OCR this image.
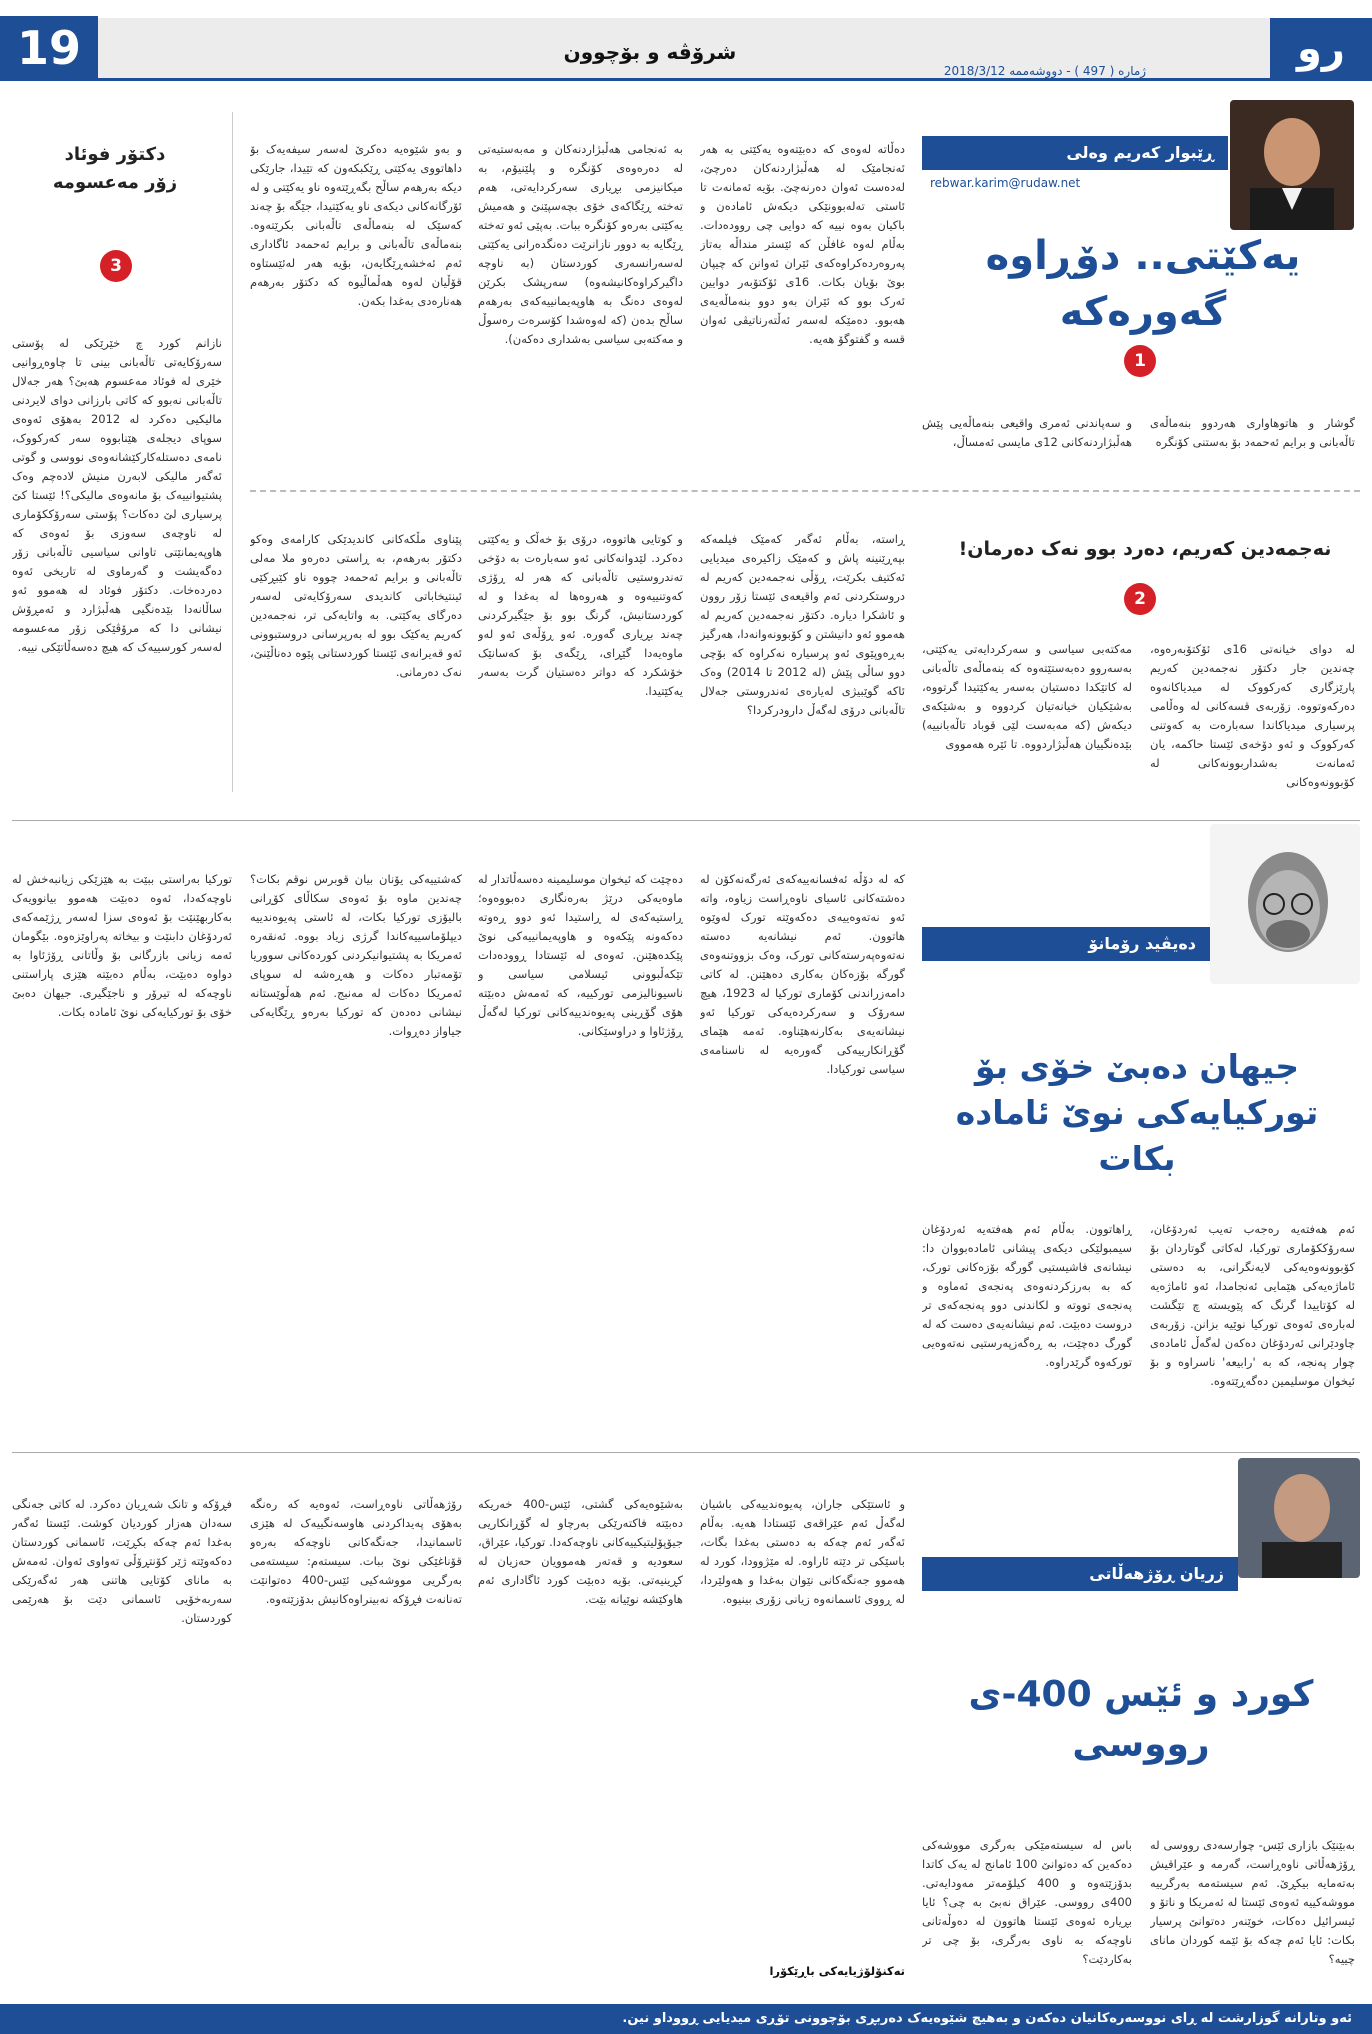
19	شرۆڤە و بۆچوون
ژمارە ( 497 ) - دووشەممە 2018/3/12	رو
ڕێبوار کەریم وەلی
rebwar.karim@rudaw.net
یەکێتی.. دۆڕاوە گەورەکە
1
دەڵاتە لەوەی کە دەبێتەوە یەکێتی بە هەر ئەنجامێک لە هەڵبژاردنەکان دەرچێ، لەدەست ئەوان دەرنەچێ. بۆیە ئەمانەت تا ئاستی تەلەبوونێکی دیکەش ئامادەن و باکیان بەوە نییە کە دوایی چی روودەدات. بەڵام لەوە غافڵن کە ئێستر منداڵە بەتاز پەروەردەکراوەکەی ئێران ئەوانن کە چیپان بوێ بۆیان بکات. 16ی ئۆکتۆبەر دوایین ئەرک بوو کە ئێران بەو دوو بنەماڵەیەی هەبوو. دەمێکە لەسەر ئەڵتەرناتیڤی ئەوان قسە و گفتوگۆ هەیە.
بە ئەنجامی هەڵبژاردنەکان و مەبەستیەتی لە دەرەوەی کۆنگرە و پلێنیۆم، بە میکانیزمی بڕیاری سەرکردایەتی، هەم تەختە ڕێگاکەی خۆی بچەسپێنێ و هەمیش یەکێتی بەرەو کۆنگرە ببات. بەپێی ئەو تەختە ڕێگایە بە دوور نازانرێت دەنگدەرانی یەکێتی لەسەرانسەری کوردستان (بە ناوچە داگیرکراوەکانیشەوە) سەرپشک بکرێن لەوەی دەنگ بە هاوپەیمانییەکەی بەرهەم ساڵح بدەن (کە لەوەشدا کۆسرەت رەسوڵ و مەکتەبی سیاسی بەشداری دەکەن).
و بەو شێوەیە دەکرێ لەسەر سیفەیەک بۆ داهاتووی یەکێتی ڕێکبکەون کە تێیدا، جارێکی دیکە بەرهەم ساڵح بگەڕێتەوە ناو یەکێتی و لە ئۆرگانەکانی دیکەی ناو یەکێتیدا، جێگە بۆ چەند کەسێک لە بنەماڵەی تاڵەبانی بکرێتەوە. بنەماڵەی تاڵەبانی و برایم ئەحمەد ئاگاداری ئەم ئەخشەڕێگایەن، بۆیە هەر لەئێستاوە قۆڵیان لەوە هەڵماڵیوە کە دکتۆر بەرهەم هەنارەدی بەغدا بکەن.
گوشار و هاتوهاواری هەردوو بنەماڵەی تاڵەبانی و برایم ئەحمەد بۆ بەستنی کۆنگرە
و سەپاندنی ئەمری واقیعی بنەماڵەیی پێش هەڵبژاردنەکانی 12ی مایسی ئەمساڵ،
دکتۆر فوئاد
زۆر مەعسومە
3
نازانم کورد چ خێرێکی لە پۆستی سەرۆکایەتی تاڵەبانی بینی تا چاوەڕوانیی خێری لە فوئاد مەعسوم هەبێ؟ هەر جەلال تاڵەبانی نەبوو کە کاتی بارزانی دوای لایردنی مالیکیی دەکرد لە 2012 بەهۆی ئەوەی سوپای دیجلەی هێنابووە سەر کەرکووک، نامەی دەستلەکارکێشانەوەی نووسی و گوتی ئەگەر مالیکی لابەرن منیش لادەچم وەک پشتیوانییەک بۆ مانەوەی مالیکی؟! ئێستا کێ پرسیاری لێ دەکات؟ پۆستی سەرۆککۆماری لە ناوچەی سەوزی بۆ ئەوەی کە هاوپەیمانێتی تاوانی سیاسیی تاڵەبانی زۆر دەگەیشت و گەرماوی لە تاریخی ئەوە دەردەخات. دکتۆر فوئاد لە هەموو ئەو ساڵانەدا بێدەنگیی هەڵبژارد و ئەمڕۆش نیشانی دا کە مرۆڤێکی زۆر مەعسومە لەسەر کورسییەک کە هیچ دەسەڵاتێکی نییە.
نەجمەدین کەریم، دەرد بوو نەک دەرمان!
2
لە دوای خیانەتی 16ی ئۆکتۆبەرەوە، چەندین جار دکتۆر نەجمەدین کەریم پارێزگاری کەرکووک لە میدیاکانەوە دەرکەوتووە. زۆربەی قسەکانی لە وەڵامی پرسیاری میدیاکاندا سەبارەت بە کەوتنی کەرکووک و ئەو دۆخەی ئێستا حاکمە، یان ئەمانەت بەشداربوونەکانی لە کۆبوونەوەکانی
مەکتەبی سیاسی و سەرکردایەتی یەکێتی، بەسەروو دەبەستێتەوە کە بنەماڵەی تاڵەبانی لە کاتێکدا دەستیان بەسەر یەکێتیدا گرتووە، بەشێکیان خیانەتیان کردووە و بەشێکەی دیکەش (کە مەبەست لێی قوباد تاڵەبانییە) بێدەنگییان هەڵبژاردووە. تا ئێرە هەمووی
ڕاستە، بەڵام ئەگەر کەمێک فیلمەکە بپەڕێنینە پاش و کەمێک زاکیرەی میدیایی ئەکتیف بکرێت، ڕۆڵی نەجمەدین کەریم لە دروستکردنی ئەم واقیعەی ئێستا زۆر روون و ئاشکرا دیارە. دکتۆر نەجمەدین کەریم لە هەموو ئەو دانیشتن و کۆبوونەوانەدا، هەرگیز بەڕەوپێوی ئەو پرسیارە نەکراوە کە بۆچی دوو ساڵی پێش (لە 2012 تا 2014) وەک ئاکە گوێبیژی لەیارەی ئەندروستی جەلال تاڵەبانی درۆی لەگەڵ دارودرکردا؟
و کوتایی هاتووە، درۆی بۆ خەڵک و یەکێتی دەکرد. لێدوانەکانی ئەو سەبارەت بە دۆخی تەندروستیی تاڵەبانی کە هەر لە ڕۆژی کەوتنییەوە و هەروەها لە بەغدا و لە کوردستانیش، گرنگ بوو بۆ جێگیرکردنی چەند بڕیاری گەورە. ئەو ڕۆڵەی ئەو لەو ماوەیەدا گێڕای، ڕێگەی بۆ کەسانێک خۆشکرد کە دواتر دەستیان گرت بەسەر یەکێتیدا.
پێناوی مڵکەکانی کاندیدێکی کارامەی وەکو دکتۆر بەرهەم، بە ڕاستی دەرەو ملا مەلی تاڵەبانی و برایم ئەحمەد چووە ناو کێبڕکێی ئینتیخاباتی کاندیدی سەرۆکایەتی لەسەر دەرگای یەکێتی. بە واتایەکی تر، نەجمەدین کەریم یەکێک بوو لە بەرپرسانی دروستبوونی ئەو قەیرانەی ئێستا کوردستانی پێوە دەناڵێنێ، نەک دەرمانی.
دەیڤید رۆمانۆ
جیهان دەبێ خۆی بۆ تورکیایەکی نوێ ئامادە بکات
ئەم هەفتەیە رەجەب تەیب ئەردۆغان، سەرۆککۆماری تورکیا، لەکاتی گوتاردان بۆ کۆبوونەوەیەکی لایەنگرانی، بە دەستی ئاماژەیەکی هێمایی ئەنجامدا، ئەو ئاماژەیە لە کۆتاییدا گرنگ کە پێویستە چ تێگشت لەبارەی ئەوەی تورکیا نوێیە بزانن. زۆربەی چاودێرانی ئەردۆغان دەکەن لەگەڵ ئامادەی چوار پەنجە، کە بە 'رابیعە' ناسراوە و بۆ ئیخوان موسلیمین دەگەڕێتەوە.
ڕاهاتوون. بەڵام ئەم هەفتەیە ئەردۆغان سیمبولێکی دیکەی پیشانی ئامادەبووان دا: نیشانەی فاشیستیی گورگە بۆزەکانی تورک، کە بە بەرزکردنەوەی پەنجەی ئەماوە و پەنجەی تووتە و لکاندنی دوو پەنجەکەی تر دروست دەبێت. ئەم نیشانەیەی دەست کە لە گورگ دەچێت، بە ڕەگەزپەرستیی نەتەوەیی تورکەوە گرێدراوە.
کە لە دۆڵە ئەفسانەییەکەی ئەرگەنەکۆن لە دەشتەکانی ئاسیای ناوەڕاست زیاوە، واتە ئەو نەتەوەییەی دەکەوێتە تورک لەوێوە هاتوون. ئەم نیشانەیە دەستە نەتەوەپەرستەکانی تورک، وەک بزووتنەوەی گورگە بۆزەکان بەکاری دەهێنن. لە کاتی دامەزراندنی کۆماری تورکیا لە 1923، هیچ سەرۆک و سەرکردەیەکی تورکیا ئەو نیشانەیەی بەکارنەهێناوە. ئەمە هێمای گۆڕانکارییەکی گەورەیە لە ناسنامەی سیاسی تورکیادا.
دەچێت کە ئیخوان موسلیمینە دەسەڵاتدار لە ماوەیەکی درێژ بەرەنگاری دەبووەوە؛ ڕاستیەکەی لە ڕاستیدا ئەو دوو ڕەوتە دەکەونە پێکەوە و هاوپەیمانییەکی نوێ پێکدەهێنن. ئەوەی لە ئێستادا ڕوودەدات تێکەڵبوونی ئیسلامی سیاسی و ناسیونالیزمی تورکییە، کە ئەمەش دەبێتە هۆی گۆڕینی پەیوەندییەکانی تورکیا لەگەڵ ڕۆژئاوا و دراوسێکانی.
کەشتییەکی یۆنان بیان قوبرس نوقم بکات؟ چەندین ماوە بۆ ئەوەی سکاڵای کۆڕانی بالیۆزی تورکیا بکات، لە ئاستی پەیوەندییە دیپلۆماسییەکاندا گرژی زیاد بووە. ئەنقەرە ئەمریکا بە پشتیوانیکردنی کوردەکانی سووریا تۆمەتبار دەکات و هەڕەشە لە سوپای ئەمریکا دەکات لە مەنبج. ئەم هەڵوێستانە نیشانی دەدەن کە تورکیا بەرەو ڕێگایەکی جیاواز دەڕوات.
تورکیا بەراستی ببێت بە هێزێکی زیانبەخش لە ناوچەکەدا، ئەوە دەبێت هەموو بیانوویەک بەکاربهێنێت بۆ ئەوەی سزا لەسەر ڕژێمەکەی ئەردۆغان دابنێت و بیخاتە پەراوێزەوە. بێگومان ئەمە زیانی بازرگانی بۆ وڵاتانی ڕۆژئاوا بە دواوە دەبێت، بەڵام دەبێتە هێزی پاراستنی ناوچەکە لە تیرۆر و ناجێگیری. جیهان دەبێ خۆی بۆ تورکیایەکی نوێ ئامادە بکات.
زریان ڕۆژهەڵاتی
کورد و ئێس 400-ی رووسی
بەبێنێک بازاری ئێس- چوارسەدی رووسی لە ڕۆژهەڵاتی ناوەڕاست، گەرمە و عێراقیش بەتەمایە بیکڕێ. ئەم سیستەمە بەرگرییە مووشەکییە ئەوەی ئێستا لە ئەمریکا و ناتۆ و ئیسرائیل دەکات، خوێنەر دەتوانێ پرسیار بکات: ئایا ئەم چەکە بۆ ئێمە کوردان مانای چییە؟
باس لە سیستەمێکی بەرگری مووشەکی دەکەین کە دەتوانێ 100 ئامانج لە یەک کاتدا بدۆزێتەوە و 400 کیلۆمەتر مەودایەتی. 400ی رووسی. عێراق نەبێ بە چی؟ ئایا بڕیارە ئەوەی ئێستا هاتوون لە دەوڵەتانی ناوچەکە بە ناوی بەرگری، بۆ چی تر بەکاردێت؟
و ئاستێکی جاران، پەیوەندییەکی باشیان لەگەڵ ئەم عێراقەی ئێستادا هەیە. بەڵام ئەگەر ئەم چەکە بە دەستی بەغدا بگات، باسێکی تر دێتە ئاراوە. لە مێژوودا، کورد لە هەموو جەنگەکانی نێوان بەغدا و هەولێردا، لە ڕووی ئاسمانەوە زیانی زۆری بینیوە.
تەکنۆلۆژیایەکی باڕێکۆرا
بەشێوەیەکی گشتی، ئێس-400 خەریکە دەبێتە فاکتەرێکی بەرچاو لە گۆڕانکاریی جیۆپۆلیتیکییەکانی ناوچەکەدا. تورکیا، عێراق، سعودیە و قەتەر هەموویان حەزیان لە کڕینیەتی. بۆیە دەبێت کورد ئاگاداری ئەم هاوکێشە نوێیانە بێت.
رۆژهەڵاتی ناوەڕاست، ئەوەیە کە رەنگە بەهۆی پەیداکردنی هاوسەنگییەک لە هێزی ئاسمانیدا، جەنگەکانی ناوچەکە بەرەو قۆناغێکی نوێ ببات. سیستەم: سیستەمی بەرگریی مووشەکیی ئێس-400 دەتوانێت تەنانەت فڕۆکە نەبینراوەکانیش بدۆزێتەوە.
فڕۆکە و تانک شەڕیان دەکرد. لە کاتی جەنگی سەدان هەزار کوردیان کوشت. ئێستا ئەگەر بەغدا ئەم چەکە بکڕێت، ئاسمانی کوردستان دەکەوێتە ژێر کۆنتڕۆڵی تەواوی ئەوان. ئەمەش بە مانای کۆتایی هاتنی هەر ئەگەرێکی سەربەخۆیی ئاسمانی دێت بۆ هەرێمی کوردستان.
ئەو وتارانە گوزارشت لە ڕای نووسەرەکانیان دەکەن و بەهیچ شێوەیەک دەربڕی بۆچوونی تۆڕی میدیایی ڕووداو نین.
